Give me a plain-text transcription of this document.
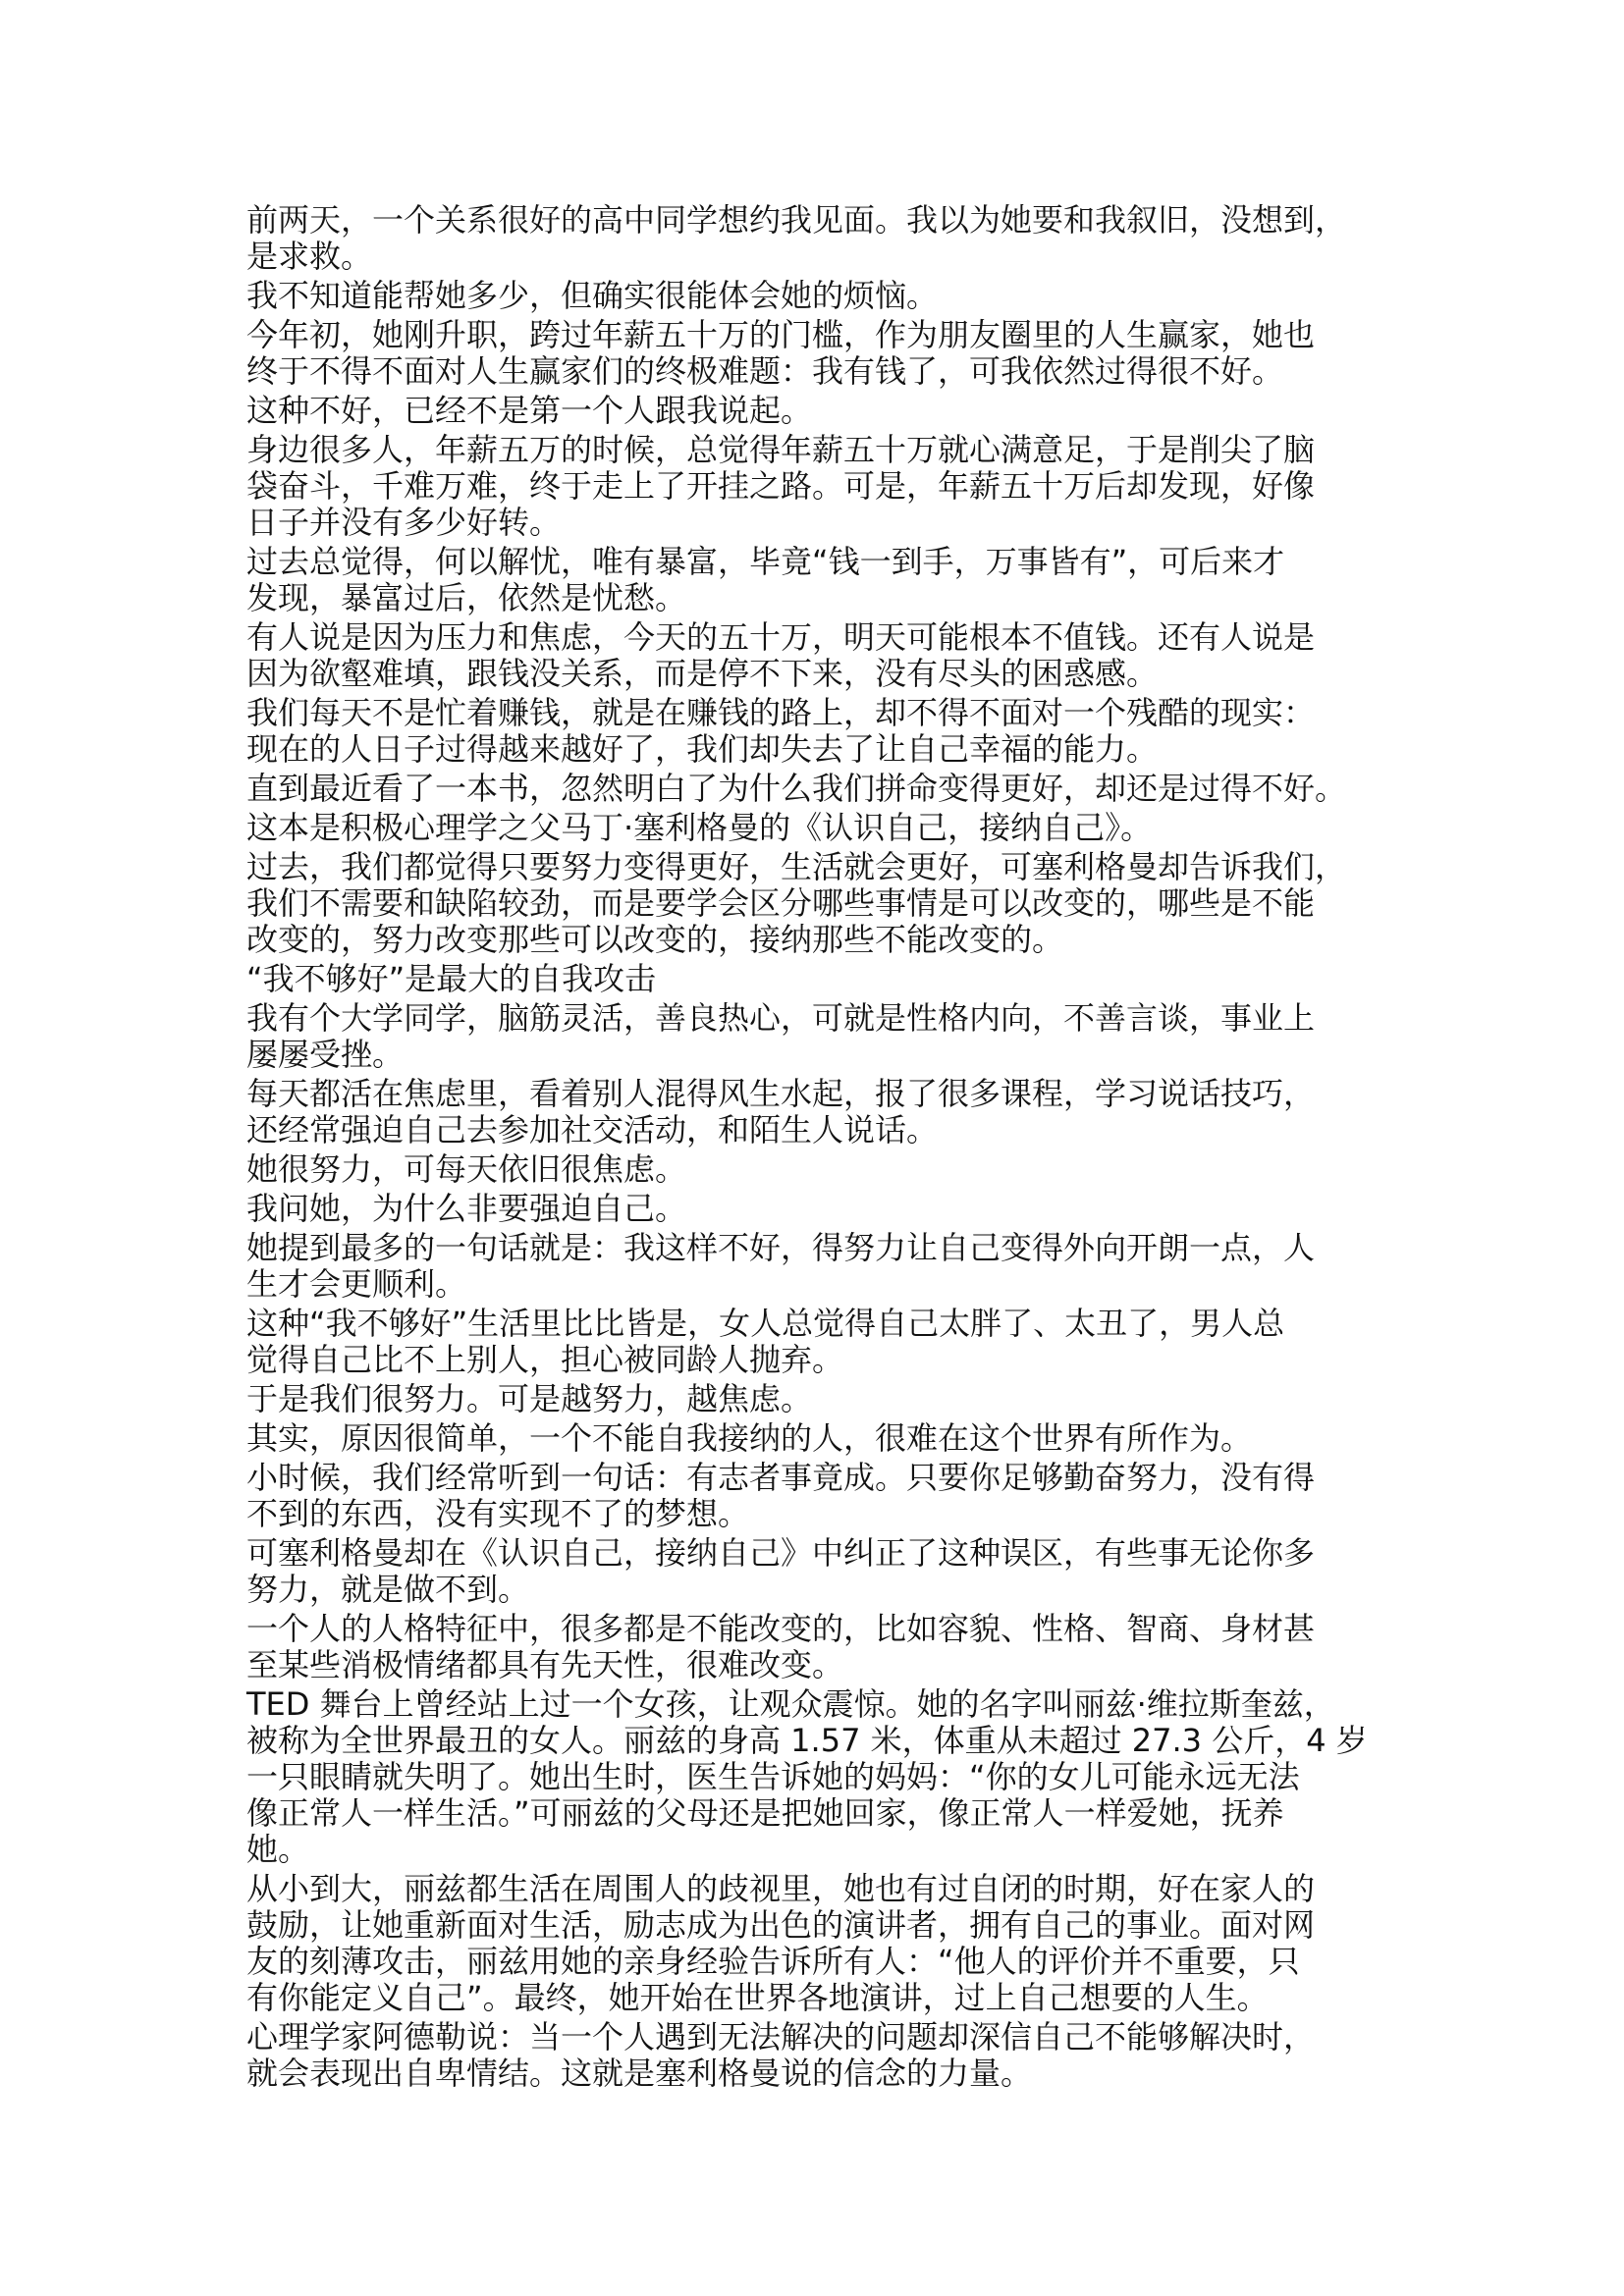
前两天，一个关系很好的高中同学想约我见面。我以为她要和我叙旧，没想到，
是求救。
我不知道能帮她多少，但确实很能体会她的烦恼。
今年初，她刚升职，跨过年薪五十万的门槛，作为朋友圈里的人生赢家，她也
终于不得不面对人生赢家们的终极难题：我有钱了，可我依然过得很不好。
这种不好，已经不是第一个人跟我说起。
身边很多人，年薪五万的时候，总觉得年薪五十万就心满意足，于是削尖了脑
袋奋斗，千难万难，终于走上了开挂之路。可是，年薪五十万后却发现，好像
日子并没有多少好转。
过去总觉得，何以解忧，唯有暴富，毕竟“钱一到手，万事皆有”，可后来才
发现，暴富过后，依然是忧愁。
有人说是因为压力和焦虑，今天的五十万，明天可能根本不值钱。还有人说是
因为欲壑难填，跟钱没关系，而是停不下来，没有尽头的困惑感。
我们每天不是忙着赚钱，就是在赚钱的路上，却不得不面对一个残酷的现实：
现在的人日子过得越来越好了，我们却失去了让自己幸福的能力。
直到最近看了一本书，忽然明白了为什么我们拼命变得更好，却还是过得不好。
这本是积极心理学之父马丁·塞利格曼的《认识自己，接纳自己》。
过去，我们都觉得只要努力变得更好，生活就会更好，可塞利格曼却告诉我们，
我们不需要和缺陷较劲，而是要学会区分哪些事情是可以改变的，哪些是不能
改变的，努力改变那些可以改变的，接纳那些不能改变的。
“我不够好”是最大的自我攻击
我有个大学同学，脑筋灵活，善良热心，可就是性格内向，不善言谈，事业上
屡屡受挫。
每天都活在焦虑里，看着别人混得风生水起，报了很多课程，学习说话技巧，
还经常强迫自己去参加社交活动，和陌生人说话。
她很努力，可每天依旧很焦虑。
我问她，为什么非要强迫自己。
她提到最多的一句话就是：我这样不好，得努力让自己变得外向开朗一点，人
生才会更顺利。
这种“我不够好”生活里比比皆是，女人总觉得自己太胖了、太丑了，男人总
觉得自己比不上别人，担心被同龄人抛弃。
于是我们很努力。可是越努力，越焦虑。
其实，原因很简单，一个不能自我接纳的人，很难在这个世界有所作为。
小时候，我们经常听到一句话：有志者事竟成。只要你足够勤奋努力，没有得
不到的东西，没有实现不了的梦想。
可塞利格曼却在《认识自己，接纳自己》中纠正了这种误区，有些事无论你多
努力，就是做不到。
一个人的人格特征中，很多都是不能改变的，比如容貌、性格、智商、身材甚
至某些消极情绪都具有先天性，很难改变。
TED 舞台上曾经站上过一个女孩，让观众震惊。她的名字叫丽兹·维拉斯奎兹，
被称为全世界最丑的女人。丽兹的身高 1.57 米，体重从未超过 27.3 公斤，4 岁
一只眼睛就失明了。她出生时，医生告诉她的妈妈：“你的女儿可能永远无法
像正常人一样生活。”可丽兹的父母还是把她回家，像正常人一样爱她，抚养
她。
从小到大，丽兹都生活在周围人的歧视里，她也有过自闭的时期，好在家人的
鼓励，让她重新面对生活，励志成为出色的演讲者，拥有自己的事业。面对网
友的刻薄攻击，丽兹用她的亲身经验告诉所有人：“他人的评价并不重要，只
有你能定义自己”。最终，她开始在世界各地演讲，过上自己想要的人生。
心理学家阿德勒说：当一个人遇到无法解决的问题却深信自己不能够解决时，
就会表现出自卑情结。这就是塞利格曼说的信念的力量。
